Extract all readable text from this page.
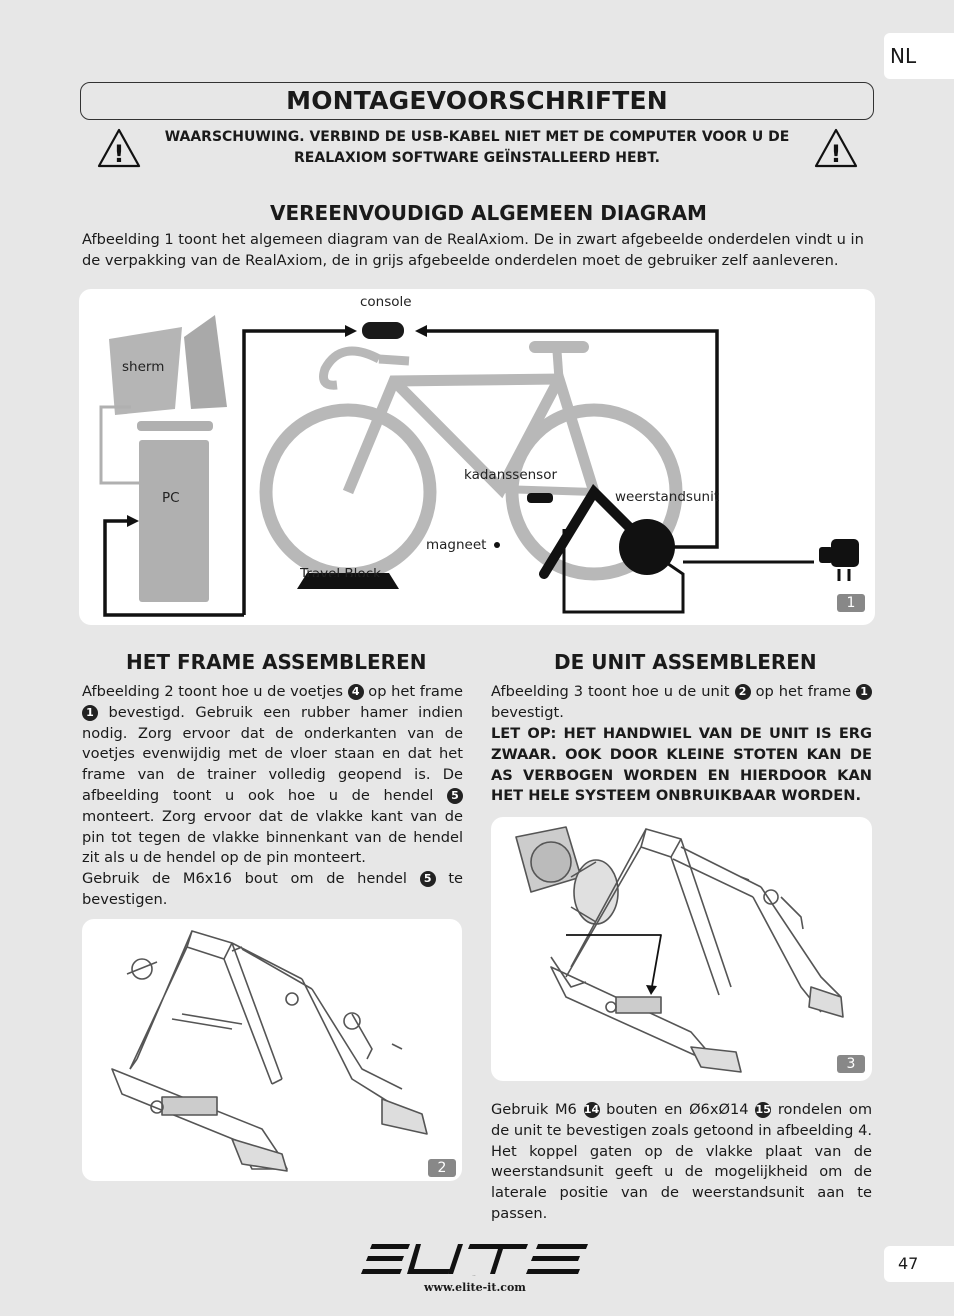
NL
47
MONTAGEVOORSCHRIFTEN
!	!
WAARSCHUWING. VERBIND DE USB-KABEL NIET MET DE COMPUTER VOOR U DE
REALAXIOM SOFTWARE GEÏNSTALLEERD HEBT.
VEREENVOUDIGD ALGEMEEN DIAGRAM
Afbeelding 1 toont het algemeen diagram van de RealAxiom. De in zwart afgebeelde onderdelen vindt u in de verpakking van de RealAxiom, de in grijs afgebeelde onderdelen moet de gebruiker zelf aanleveren.
console
sherm
PC
kadanssensor
weerstandsunit
magneet
Travel Block
1
HET FRAME ASSEMBLEREN
Afbeelding 2 toont hoe u de voetjes 4 op het frame 1 bevestigd. Gebruik een rubber hamer indien nodig. Zorg ervoor dat de onderkanten van de voetjes evenwijdig met de vloer staan en dat het frame van de trainer volledig geopend is. De afbeelding toont u ook hoe u de hendel 5 monteert. Zorg ervoor dat de vlakke kant van de pin tot tegen de vlakke binnenkant van de hendel zit als u de hendel op de pin monteert.
Gebruik de M6x16 bout om de hendel 5 te bevestigen.
2
DE UNIT ASSEMBLEREN
Afbeelding 3 toont hoe u de unit 2 op het frame 1 bevestigt.
LET OP: HET HANDWIEL VAN DE UNIT IS ERG ZWAAR. OOK DOOR KLEINE STOTEN KAN DE AS VERBOGEN WORDEN EN HIERDOOR KAN HET HELE SYSTEEM ONBRUIKBAAR WORDEN.
3
Gebruik M6 14 bouten en Ø6xØ14 15 rondelen om de unit te bevestigen zoals getoond in afbeelding 4. Het koppel gaten op de vlakke plaat van de weerstandsunit geeft u de mogelijkheid om de laterale positie van de weerstandsunit aan te passen.
ELITE
www.elite-it.com
